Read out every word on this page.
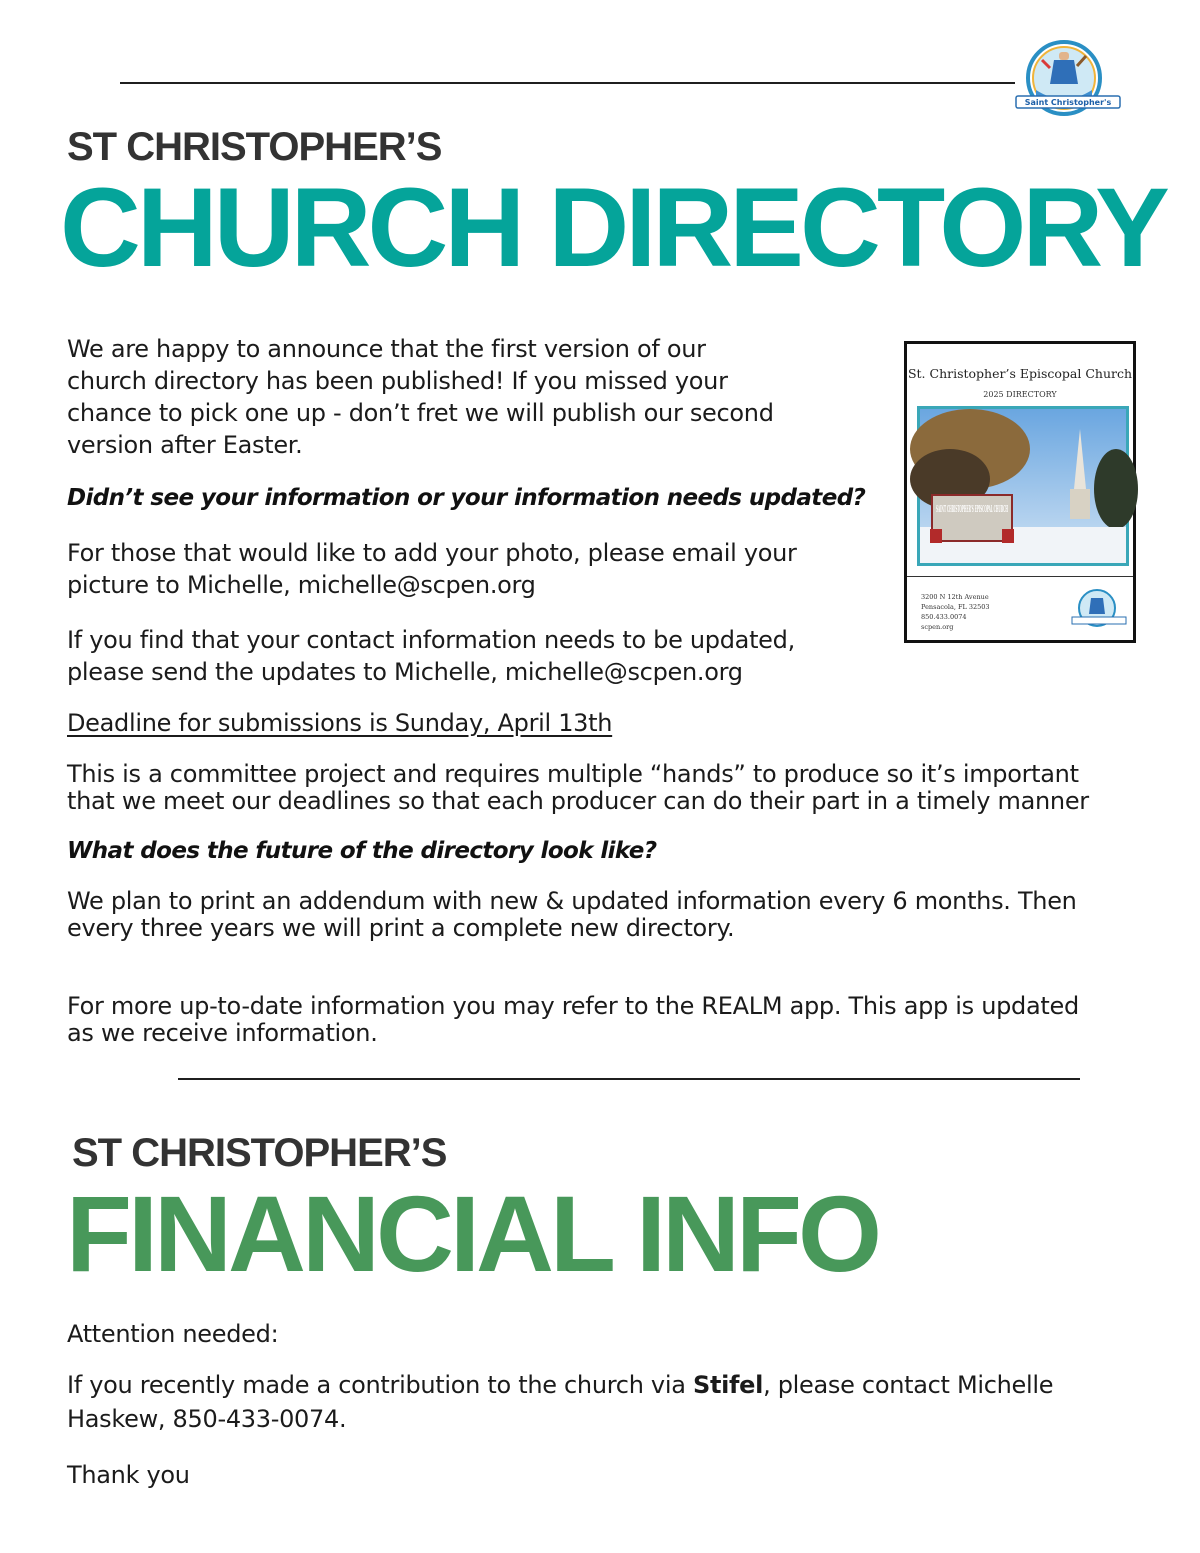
Saint Christopher's
ST CHRISTOPHER’S
CHURCH DIRECTORY
We are happy to announce that the first version of our
church directory has been published! If you missed your
chance to pick one up - don’t fret we will publish our second
version after Easter.
St. Christopher’s Episcopal Church
2025 DIRECTORY
SAINT CHRISTOPHER’S EPISCOPAL CHURCH
3200 N 12th Avenue
Pensacola, FL 32503
850.433.0074
scpen.org
Didn’t see your information or your information needs updated?
For those that would like to add your photo, please email your
picture to Michelle, michelle@scpen.org
If you find that your contact information needs to be updated,
please send the updates to Michelle, michelle@scpen.org
Deadline for submissions is Sunday, April 13th
This is a committee project and requires multiple “hands” to produce so it’s important
that we meet our deadlines so that each producer can do their part in a timely manner
What does the future of the directory look like?
We plan to print an addendum with new & updated information every 6 months. Then
every three years we will print a complete new directory.
For more up-to-date information you may refer to the REALM app. This app is updated
as we receive information.
ST CHRISTOPHER’S
FINANCIAL INFO
Attention needed:
If you recently made a contribution to the church via Stifel, please contact Michelle
Haskew, 850-433-0074.
Thank you
